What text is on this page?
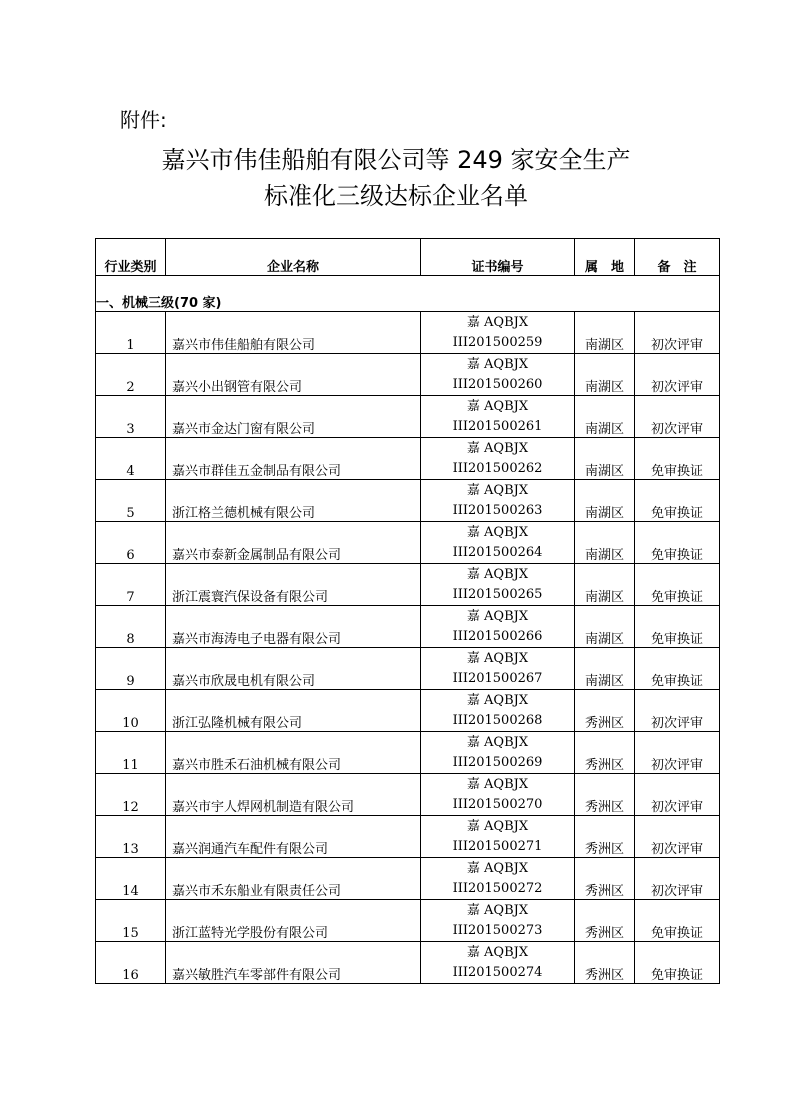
附件:
嘉兴市伟佳船舶有限公司等 249 家安全生产
标准化三级达标企业名单
行业类别	企业名称	证书编号	属　地	备　注
一、机械三级(70 家)				
1	嘉兴市伟佳船舶有限公司	嘉 AQBJX
III201500259	南湖区	初次评审
2	嘉兴小出钢管有限公司	嘉 AQBJX
III201500260	南湖区	初次评审
3	嘉兴市金达门窗有限公司	嘉 AQBJX
III201500261	南湖区	初次评审
4	嘉兴市群佳五金制品有限公司	嘉 AQBJX
III201500262	南湖区	免审换证
5	浙江格兰德机械有限公司	嘉 AQBJX
III201500263	南湖区	免审换证
6	嘉兴市泰新金属制品有限公司	嘉 AQBJX
III201500264	南湖区	免审换证
7	浙江震寰汽保设备有限公司	嘉 AQBJX
III201500265	南湖区	免审换证
8	嘉兴市海涛电子电器有限公司	嘉 AQBJX
III201500266	南湖区	免审换证
9	嘉兴市欣晟电机有限公司	嘉 AQBJX
III201500267	南湖区	免审换证
10	浙江弘隆机械有限公司	嘉 AQBJX
III201500268	秀洲区	初次评审
11	嘉兴市胜禾石油机械有限公司	嘉 AQBJX
III201500269	秀洲区	初次评审
12	嘉兴市宇人焊网机制造有限公司	嘉 AQBJX
III201500270	秀洲区	初次评审
13	嘉兴润通汽车配件有限公司	嘉 AQBJX
III201500271	秀洲区	初次评审
14	嘉兴市禾东船业有限责任公司	嘉 AQBJX
III201500272	秀洲区	初次评审
15	浙江蓝特光学股份有限公司	嘉 AQBJX
III201500273	秀洲区	免审换证
16	嘉兴敏胜汽车零部件有限公司	嘉 AQBJX
III201500274	秀洲区	免审换证
